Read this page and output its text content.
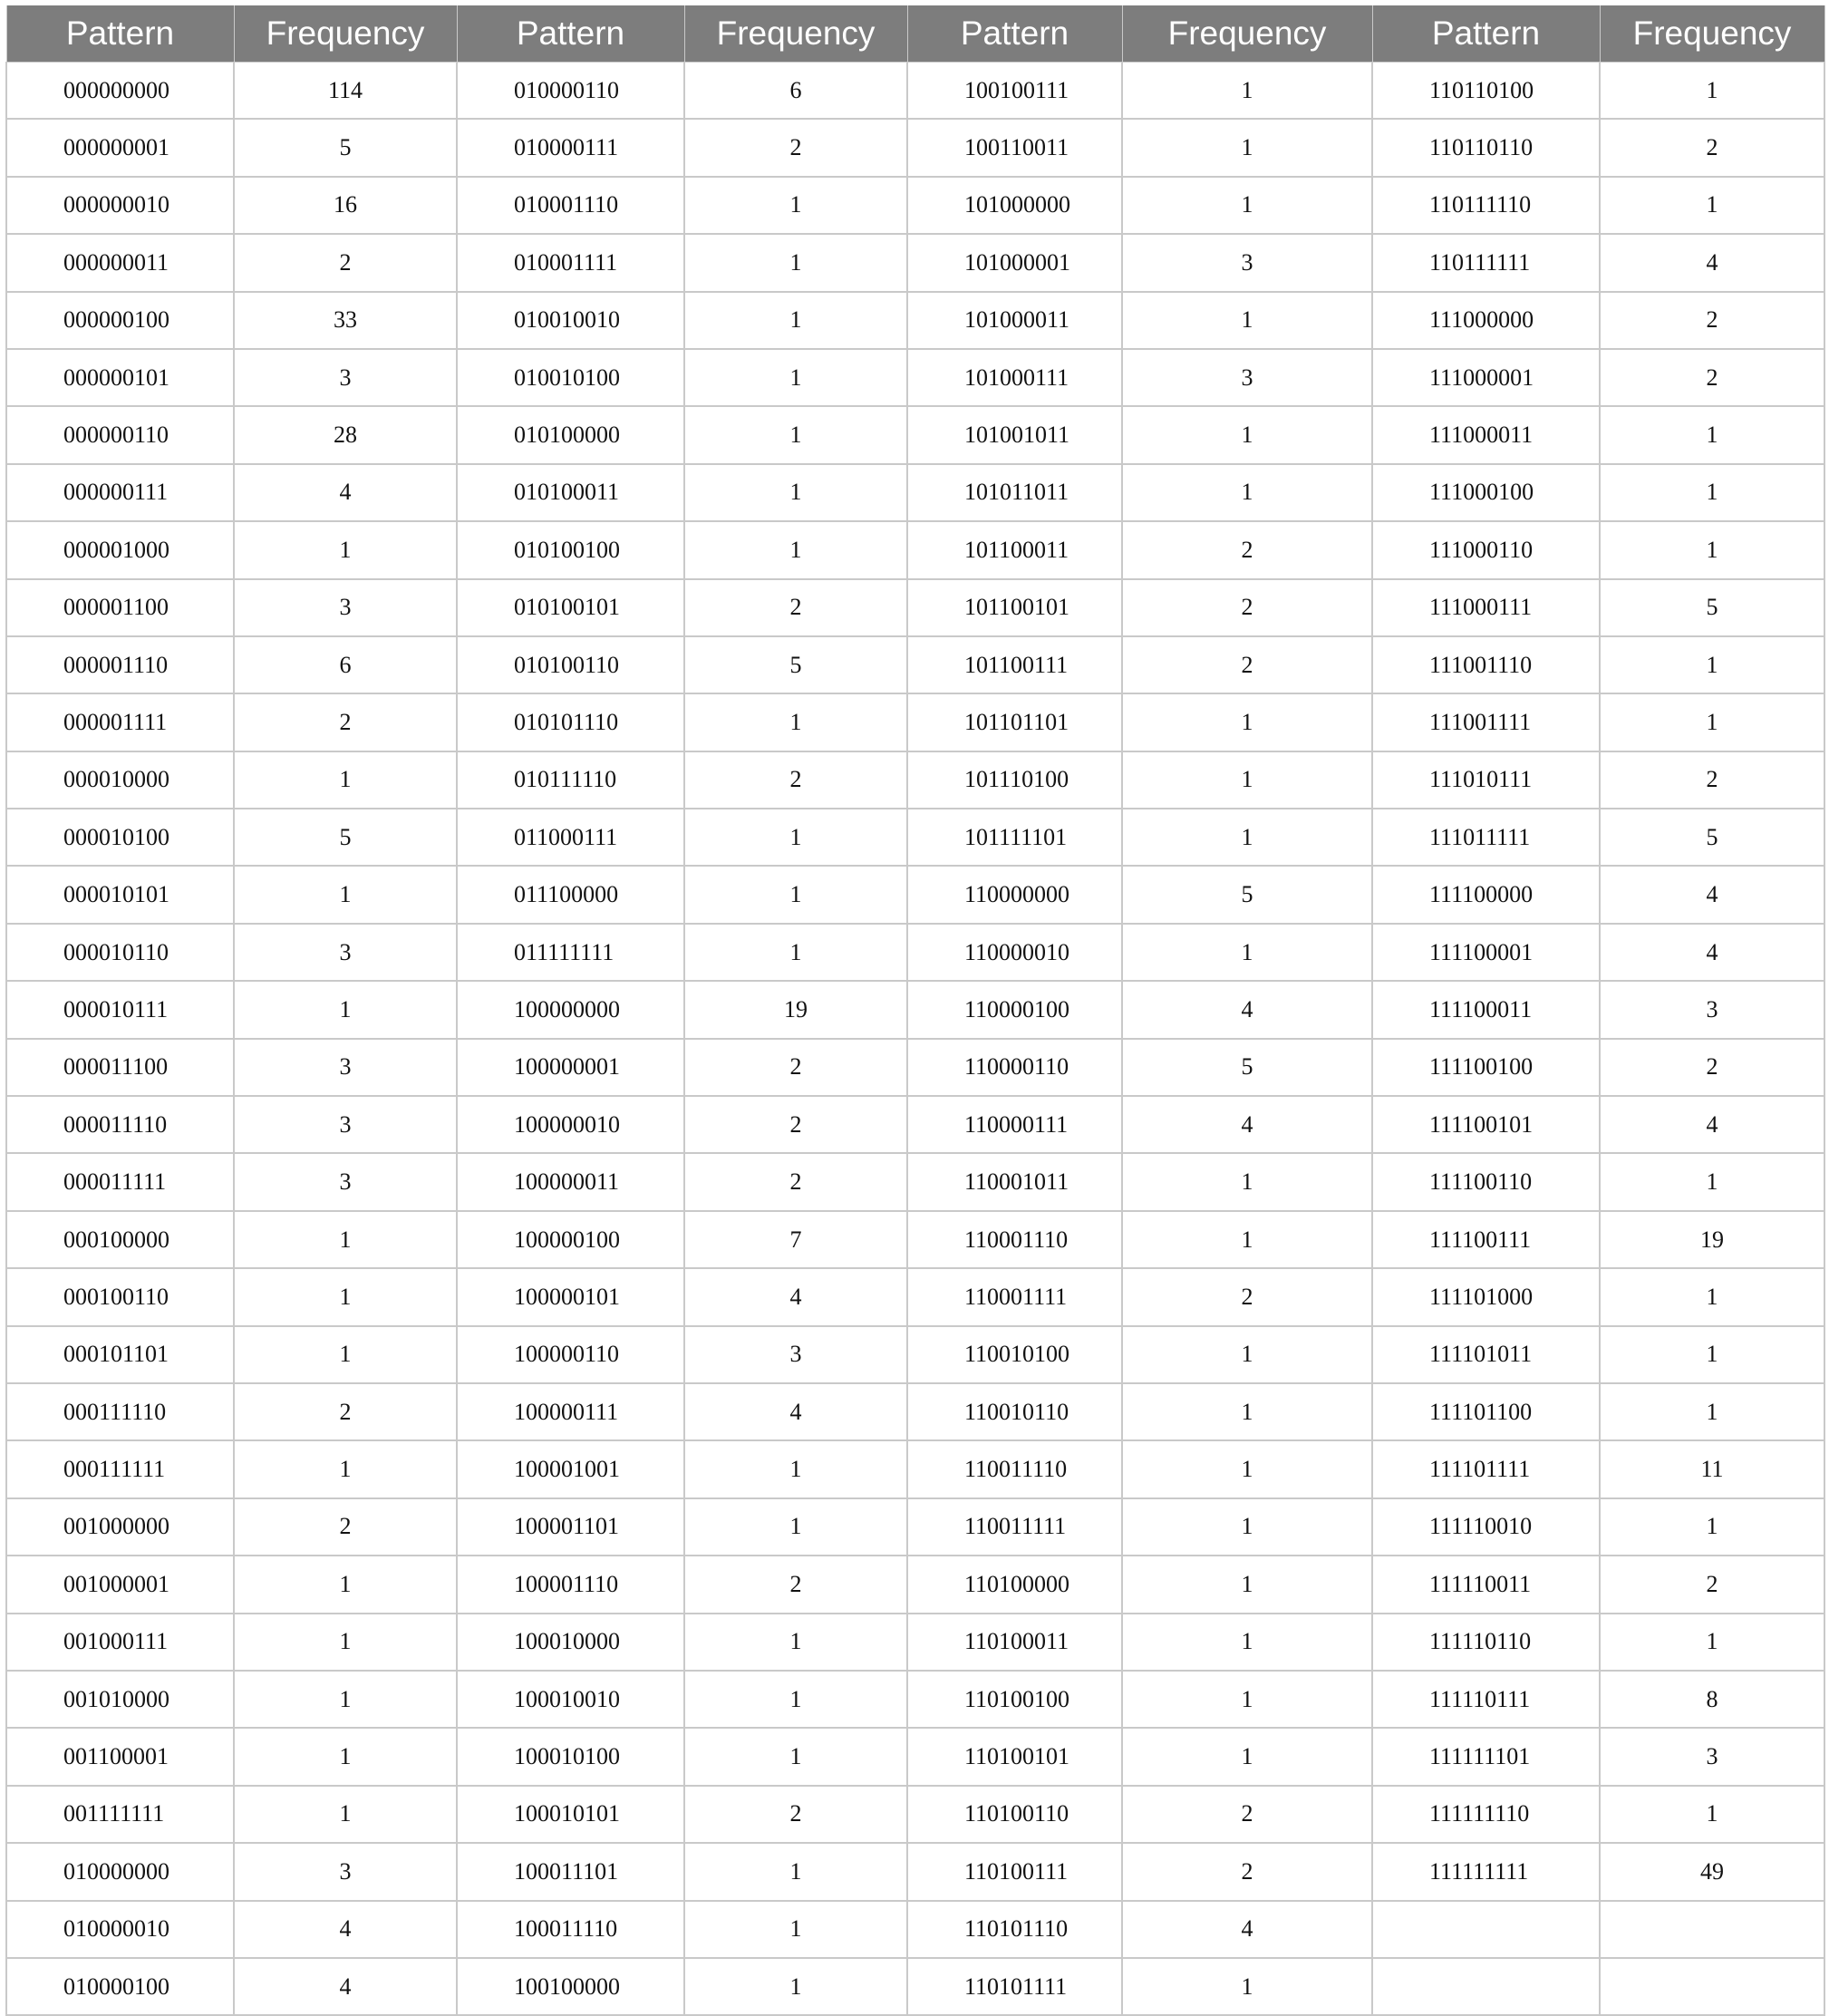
Pattern	Frequency	Pattern	Frequency	Pattern	Frequency	Pattern	Frequency
000000000	114	010000110	6	100100111	1	110110100	1
000000001	5	010000111	2	100110011	1	110110110	2
000000010	16	010001110	1	101000000	1	110111110	1
000000011	2	010001111	1	101000001	3	110111111	4
000000100	33	010010010	1	101000011	1	111000000	2
000000101	3	010010100	1	101000111	3	111000001	2
000000110	28	010100000	1	101001011	1	111000011	1
000000111	4	010100011	1	101011011	1	111000100	1
000001000	1	010100100	1	101100011	2	111000110	1
000001100	3	010100101	2	101100101	2	111000111	5
000001110	6	010100110	5	101100111	2	111001110	1
000001111	2	010101110	1	101101101	1	111001111	1
000010000	1	010111110	2	101110100	1	111010111	2
000010100	5	011000111	1	101111101	1	111011111	5
000010101	1	011100000	1	110000000	5	111100000	4
000010110	3	011111111	1	110000010	1	111100001	4
000010111	1	100000000	19	110000100	4	111100011	3
000011100	3	100000001	2	110000110	5	111100100	2
000011110	3	100000010	2	110000111	4	111100101	4
000011111	3	100000011	2	110001011	1	111100110	1
000100000	1	100000100	7	110001110	1	111100111	19
000100110	1	100000101	4	110001111	2	111101000	1
000101101	1	100000110	3	110010100	1	111101011	1
000111110	2	100000111	4	110010110	1	111101100	1
000111111	1	100001001	1	110011110	1	111101111	11
001000000	2	100001101	1	110011111	1	111110010	1
001000001	1	100001110	2	110100000	1	111110011	2
001000111	1	100010000	1	110100011	1	111110110	1
001010000	1	100010010	1	110100100	1	111110111	8
001100001	1	100010100	1	110100101	1	111111101	3
001111111	1	100010101	2	110100110	2	111111110	1
010000000	3	100011101	1	110100111	2	111111111	49
010000010	4	100011110	1	110101110	4		
010000100	4	100100000	1	110101111	1		
